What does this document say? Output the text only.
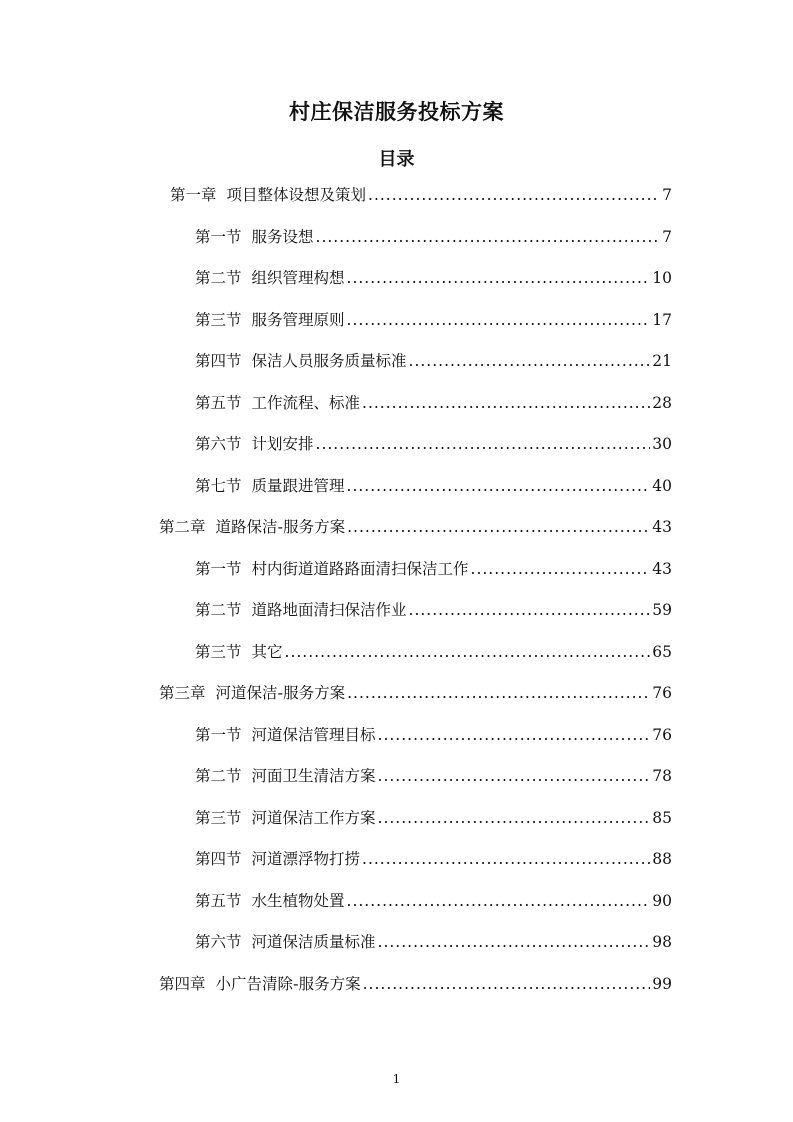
村庄保洁服务投标方案
目录
第一章 项目整体设想及策划 .....	7
第一节 服务设想 .....	7
第二节 组织管理构想 .....	10
第三节 服务管理原则 .....	17
第四节 保洁人员服务质量标准 .....	21
第五节 工作流程、标准 .....	28
第六节 计划安排 .....	30
第七节 质量跟进管理 .....	40
第二章 道路保洁-服务方案 .....	43
第一节 村内街道道路路面清扫保洁工作 .....	43
第二节 道路地面清扫保洁作业 .....	59
第三节 其它 .....	65
第三章 河道保洁-服务方案 .....	76
第一节 河道保洁管理目标 .....	76
第二节 河面卫生清洁方案 .....	78
第三节 河道保洁工作方案 .....	85
第四节 河道漂浮物打捞 .....	88
第五节 水生植物处置 .....	90
第六节 河道保洁质量标准 .....	98
第四章 小广告清除-服务方案 .....	99
1
